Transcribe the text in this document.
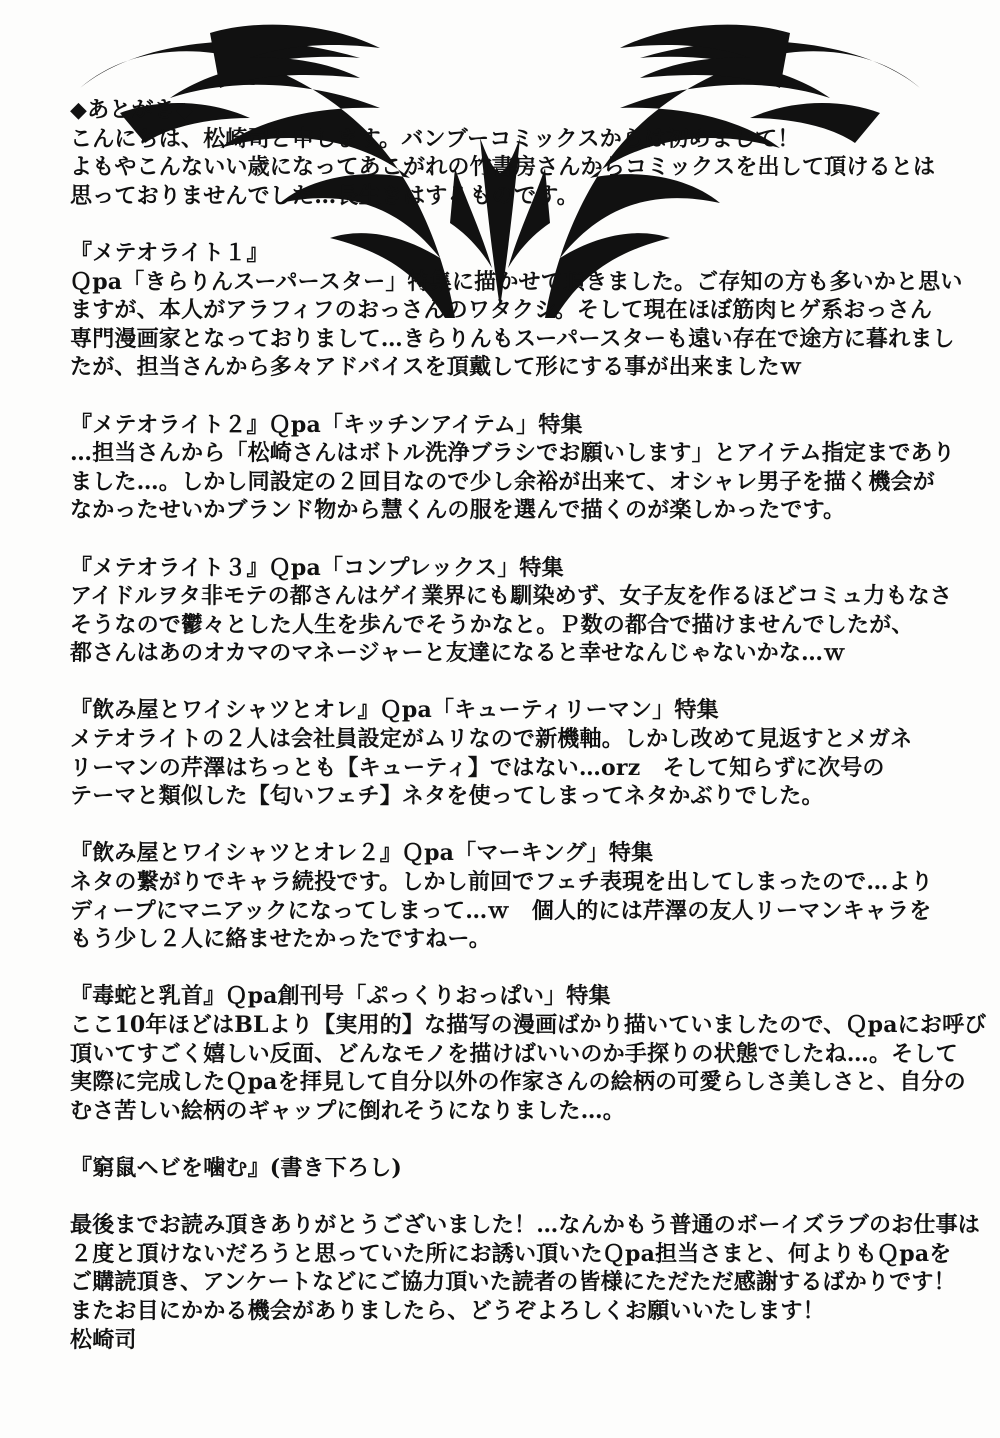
◆あとがき◆
こんにちは、松崎司と申します。バンブーコミックスからは初めまして！
よもやこんないい歳になってあこがれの竹書房さんからコミックスを出して頂けるとは
思っておりませんでした…長生きはするものです。
『メテオライト１』
Ｑpa「きらりんスーパースター」特集に描かせて頂きました。ご存知の方も多いかと思い
ますが、本人がアラフィフのおっさんのワタクシ。そして現在ほぼ筋肉ヒゲ系おっさん
専門漫画家となっておりまして…きらりんもスーパースターも遠い存在で途方に暮れまし
たが、担当さんから多々アドバイスを頂戴して形にする事が出来ましたｗ
『メテオライト２』Ｑpa「キッチンアイテム」特集
…担当さんから「松崎さんはボトル洗浄ブラシでお願いします」とアイテム指定まであり
ました…。しかし同設定の２回目なので少し余裕が出来て、オシャレ男子を描く機会が
なかったせいかブランド物から慧くんの服を選んで描くのが楽しかったです。
『メテオライト３』Ｑpa「コンプレックス」特集
アイドルヲタ非モテの都さんはゲイ業界にも馴染めず、女子友を作るほどコミュ力もなさ
そうなので鬱々とした人生を歩んでそうかなと。Ｐ数の都合で描けませんでしたが、
都さんはあのオカマのマネージャーと友達になると幸せなんじゃないかな…ｗ
『飲み屋とワイシャツとオレ』Ｑpa「キューティリーマン」特集
メテオライトの２人は会社員設定がムリなので新機軸。しかし改めて見返すとメガネ
リーマンの芹澤はちっとも【キューティ】ではない…orz　そして知らずに次号の
テーマと類似した【匂いフェチ】ネタを使ってしまってネタかぶりでした。
『飲み屋とワイシャツとオレ２』Ｑpa「マーキング」特集
ネタの繋がりでキャラ続投です。しかし前回でフェチ表現を出してしまったので…より
ディープにマニアックになってしまって…ｗ　個人的には芹澤の友人リーマンキャラを
もう少し２人に絡ませたかったですねー。
『毒蛇と乳首』Ｑpa創刊号「ぷっくりおっぱい」特集
ここ10年ほどはBLより【実用的】な描写の漫画ばかり描いていましたので、Ｑpaにお呼び
頂いてすごく嬉しい反面、どんなモノを描けばいいのか手探りの状態でしたね…。そして
実際に完成したＱpaを拝見して自分以外の作家さんの絵柄の可愛らしさ美しさと、自分の
むさ苦しい絵柄のギャップに倒れそうになりました…。
『窮鼠ヘビを噛む』(書き下ろし)
最後までお読み頂きありがとうございました！…なんかもう普通のボーイズラブのお仕事は
２度と頂けないだろうと思っていた所にお誘い頂いたＱpa担当さまと、何よりもＱpaを
ご購読頂き、アンケートなどにご協力頂いた読者の皆様にただただ感謝するばかりです！
またお目にかかる機会がありましたら、どうぞよろしくお願いいたします！
松崎司
